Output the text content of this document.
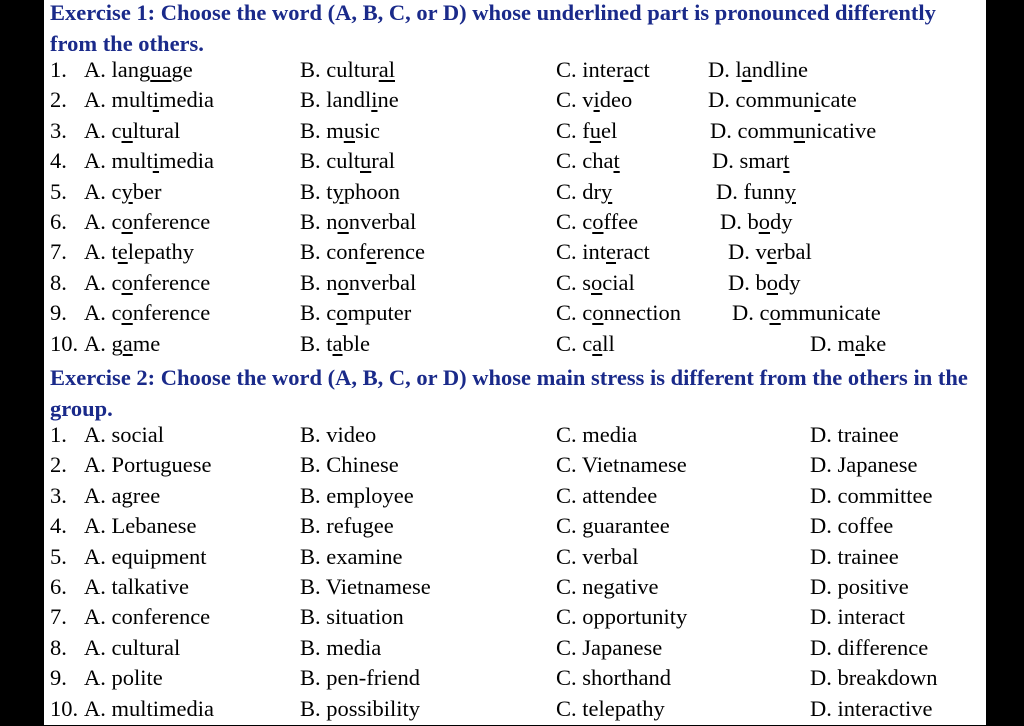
Exercise 1: Choose the word (A, B, C, or D) whose underlined part is pronounced differently from the others.
1. A. language	B. cultural	C. interact	D. landline
2. A. multimedia	B. landline	C. video	D. communicate
3. A. cultural	B. music	C. fuel	D. communicative
4. A. multimedia	B. cultural	C. chat	D. smart
5. A. cyber	B. typhoon	C. dry	D. funny
6. A. conference	B. nonverbal	C. coffee	D. body
7. A. telepathy	B. conference	C. interact	D. verbal
8. A. conference	B. nonverbal	C. social	D. body
9. A. conference	B. computer	C. connection D. communicate
10. A. game	B. table	C. call	D. make
Exercise 2: Choose the word (A, B, C, or D) whose main stress is different from the others in the group.
1. A. social	B. video	C. media	D. trainee
2. A. Portuguese	B. Chinese	C. Vietnamese	D. Japanese
3. A. agree	B. employee	C. attendee	D. committee
4. A. Lebanese	B. refugee	C. guarantee	D. coffee
5. A. equipment	B. examine	C. verbal	D. trainee
6. A. talkative	B. Vietnamese	C. negative	D. positive
7. A. conference	B. situation	C. opportunity	D. interact
8. A. cultural	B. media	C. Japanese	D. difference
9. A. polite	B. pen-friend	C. shorthand	D. breakdown
10. A. multimedia	B. possibility	C. telepathy	D. interactive
